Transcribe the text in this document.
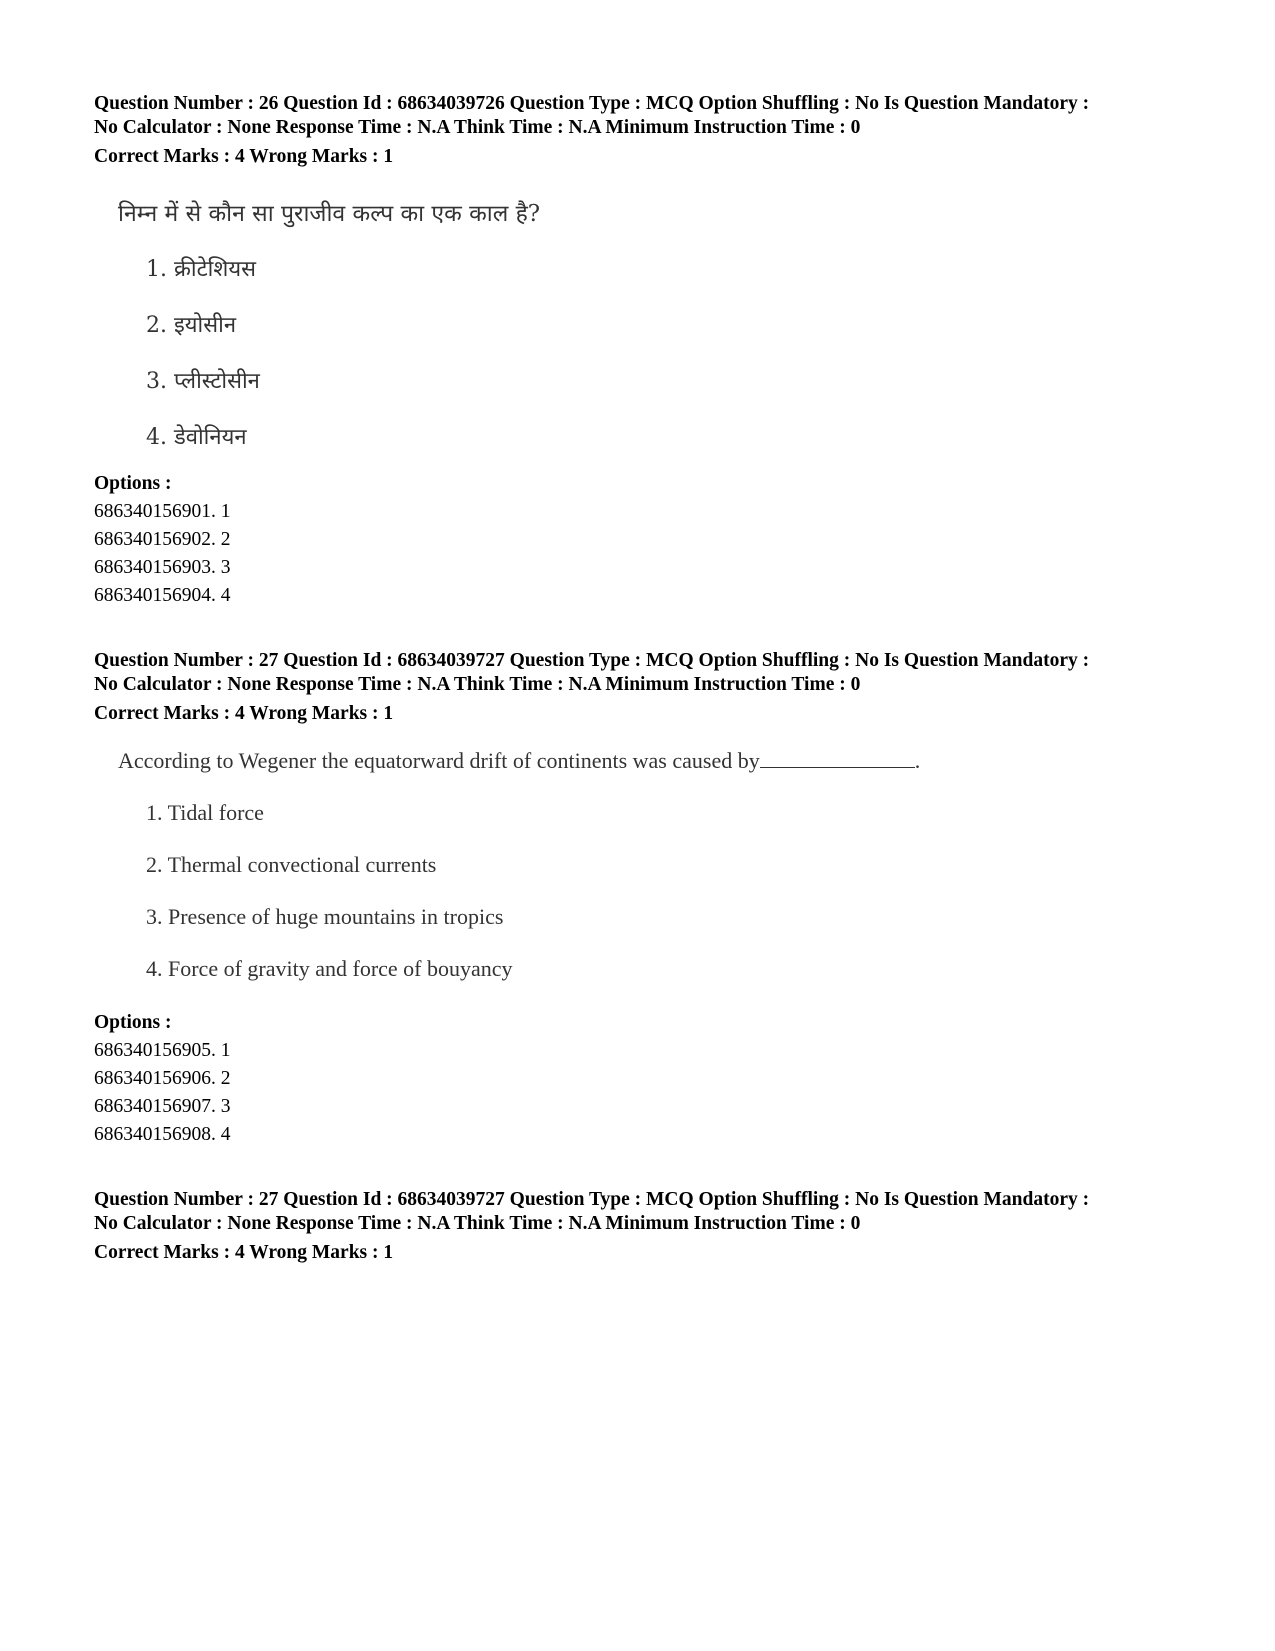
Question Number : 26 Question Id : 68634039726 Question Type : MCQ Option Shuffling : No Is Question Mandatory :

No Calculator : None Response Time : N.A Think Time : N.A Minimum Instruction Time : 0

Correct Marks : 4 Wrong Marks : 1

निम्न में से कौन सा पुराजीव कल्प का एक काल है?
1. क्रीटेशियस
2. इयोसीन
3. प्लीस्टोसीन
4. डेवोनियन
Options :
686340156901. 1
686340156902. 2
686340156903. 3
686340156904. 4

Question Number : 27 Question Id : 68634039727 Question Type : MCQ Option Shuffling : No Is Question Mandatory :

No Calculator : None Response Time : N.A Think Time : N.A Minimum Instruction Time : 0

Correct Marks : 4 Wrong Marks : 1

According to Wegener the equatorward drift of continents was caused by	.
1. Tidal force
2. Thermal convectional currents
3. Presence of huge mountains in tropics
4. Force of gravity and force of bouyancy
Options :
686340156905. 1
686340156906. 2
686340156907. 3
686340156908. 4

Question Number : 27 Question Id : 68634039727 Question Type : MCQ Option Shuffling : No Is Question Mandatory :

No Calculator : None Response Time : N.A Think Time : N.A Minimum Instruction Time : 0

Correct Marks : 4 Wrong Marks : 1
